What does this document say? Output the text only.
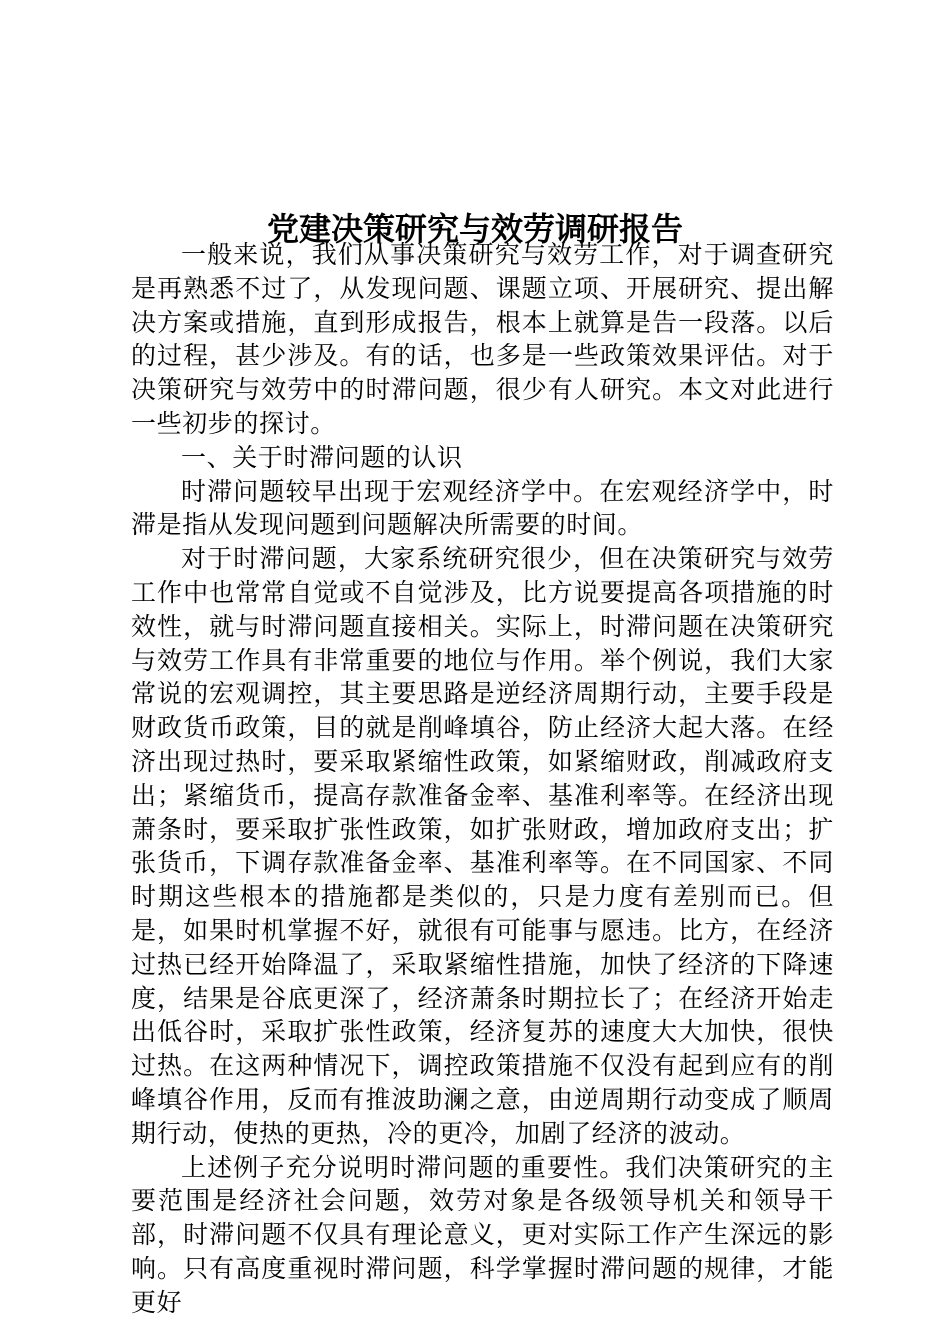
党建决策研究与效劳调研报告

一般来说，我们从事决策研究与效劳工作，对于调查研究是再熟悉不过了，从发现问题、课题立项、开展研究、提出解决方案或措施，直到形成报告，根本上就算是告一段落。以后的过程，甚少涉及。有的话，也多是一些政策效果评估。对于决策研究与效劳中的时滞问题，很少有人研究。本文对此进行一些初步的探讨。

一、关于时滞问题的认识

时滞问题较早出现于宏观经济学中。在宏观经济学中，时滞是指从发现问题到问题解决所需要的时间。

对于时滞问题，大家系统研究很少，但在决策研究与效劳工作中也常常自觉或不自觉涉及，比方说要提高各项措施的时效性，就与时滞问题直接相关。实际上，时滞问题在决策研究与效劳工作具有非常重要的地位与作用。举个例说，我们大家常说的宏观调控，其主要思路是逆经济周期行动，主要手段是财政货币政策，目的就是削峰填谷，防止经济大起大落。在经济出现过热时，要采取紧缩性政策，如紧缩财政，削减政府支出；紧缩货币，提高存款准备金率、基准利率等。在经济出现萧条时，要采取扩张性政策，如扩张财政，增加政府支出；扩张货币，下调存款准备金率、基准利率等。在不同国家、不同时期这些根本的措施都是类似的，只是力度有差别而已。但是，如果时机掌握不好，就很有可能事与愿违。比方，在经济过热已经开始降温了，采取紧缩性措施，加快了经济的下降速度，结果是谷底更深了，经济萧条时期拉长了；在经济开始走出低谷时，采取扩张性政策，经济复苏的速度大大加快，很快过热。在这两种情况下，调控政策措施不仅没有起到应有的削峰填谷作用，反而有推波助澜之意，由逆周期行动变成了顺周期行动，使热的更热，冷的更冷，加剧了经济的波动。

上述例子充分说明时滞问题的重要性。我们决策研究的主要范围是经济社会问题，效劳对象是各级领导机关和领导干部，时滞问题不仅具有理论意义，更对实际工作产生深远的影响。只有高度重视时滞问题，科学掌握时滞问题的规律，才能更好
